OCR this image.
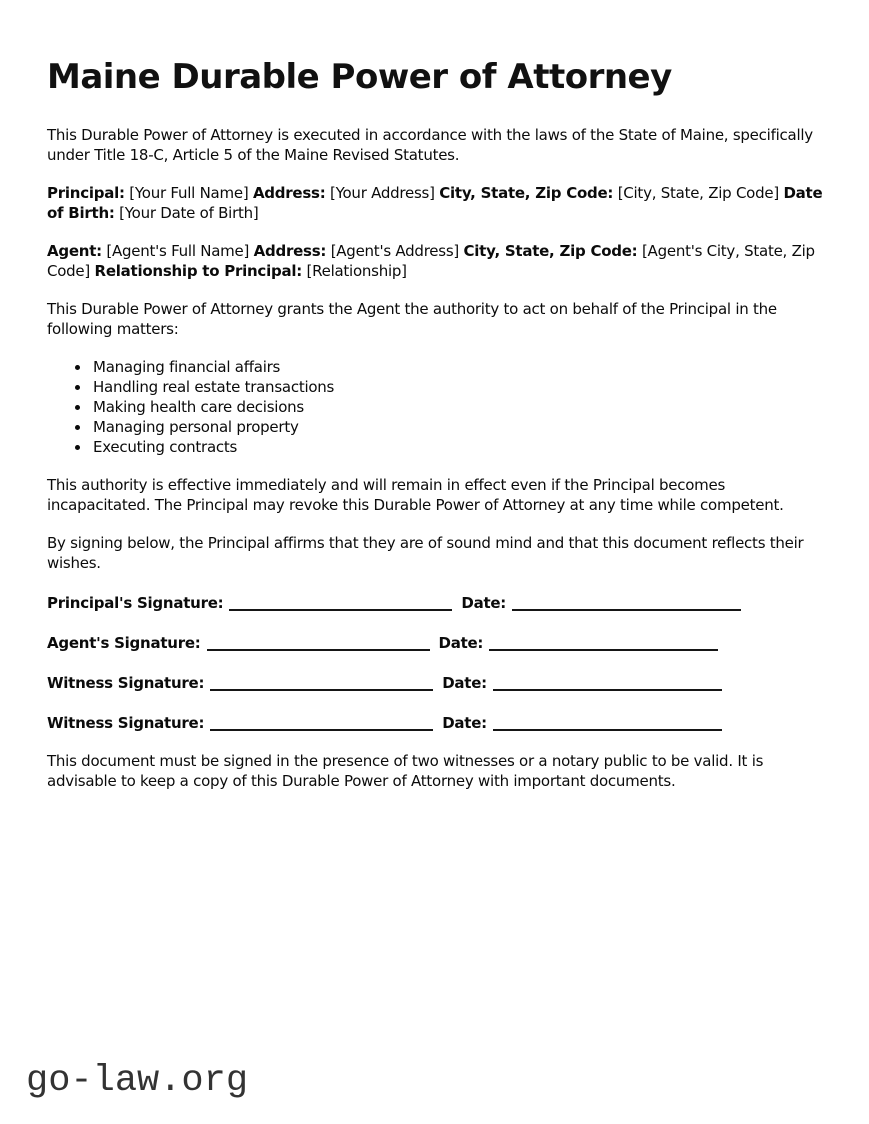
Maine Durable Power of Attorney

This Durable Power of Attorney is executed in accordance with the laws of the State of Maine, specifically under Title 18-C, Article 5 of the Maine Revised Statutes.

Principal: [Your Full Name] Address: [Your Address] City, State, Zip Code: [City, State, Zip Code] Date of Birth: [Your Date of Birth]

Agent: [Agent's Full Name] Address: [Agent's Address] City, State, Zip Code: [Agent's City, State, Zip Code] Relationship to Principal: [Relationship]

This Durable Power of Attorney grants the Agent the authority to act on behalf of the Principal in the following matters:

• Managing financial affairs
• Handling real estate transactions
• Making health care decisions
• Managing personal property
• Executing contracts

This authority is effective immediately and will remain in effect even if the Principal becomes incapacitated. The Principal may revoke this Durable Power of Attorney at any time while competent.

By signing below, the Principal affirms that they are of sound mind and that this document reflects their wishes.

Principal's Signature:	Date:

Agent's Signature:	Date:

Witness Signature:	Date:

Witness Signature:	Date:

This document must be signed in the presence of two witnesses or a notary public to be valid. It is advisable to keep a copy of this Durable Power of Attorney with important documents.

go-law.org
